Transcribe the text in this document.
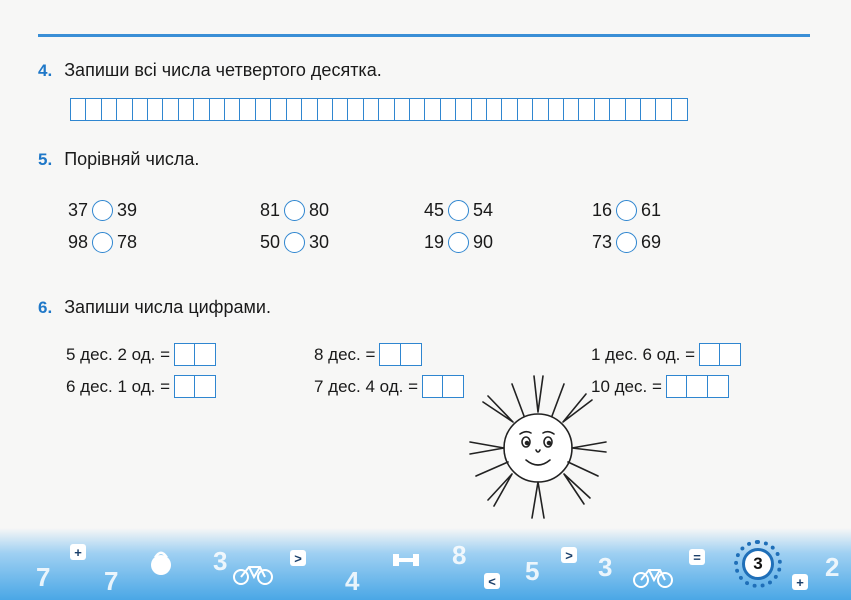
4. Запиши всі числа четвертого десятка.
5. Порівняй числа.
37 39	81 80	45 54	16 61
98 78	50 30	19 90	73 69
6. Запиши числа цифрами.
5 дес. 2 од. =	8 дес. =	1 дес. 6 од. =
6 дес. 1 од. =	7 дес. 4 од. =	10 дес. =
7 7
3
4
8
5 3	2
+	>	>
<
=
+
3
